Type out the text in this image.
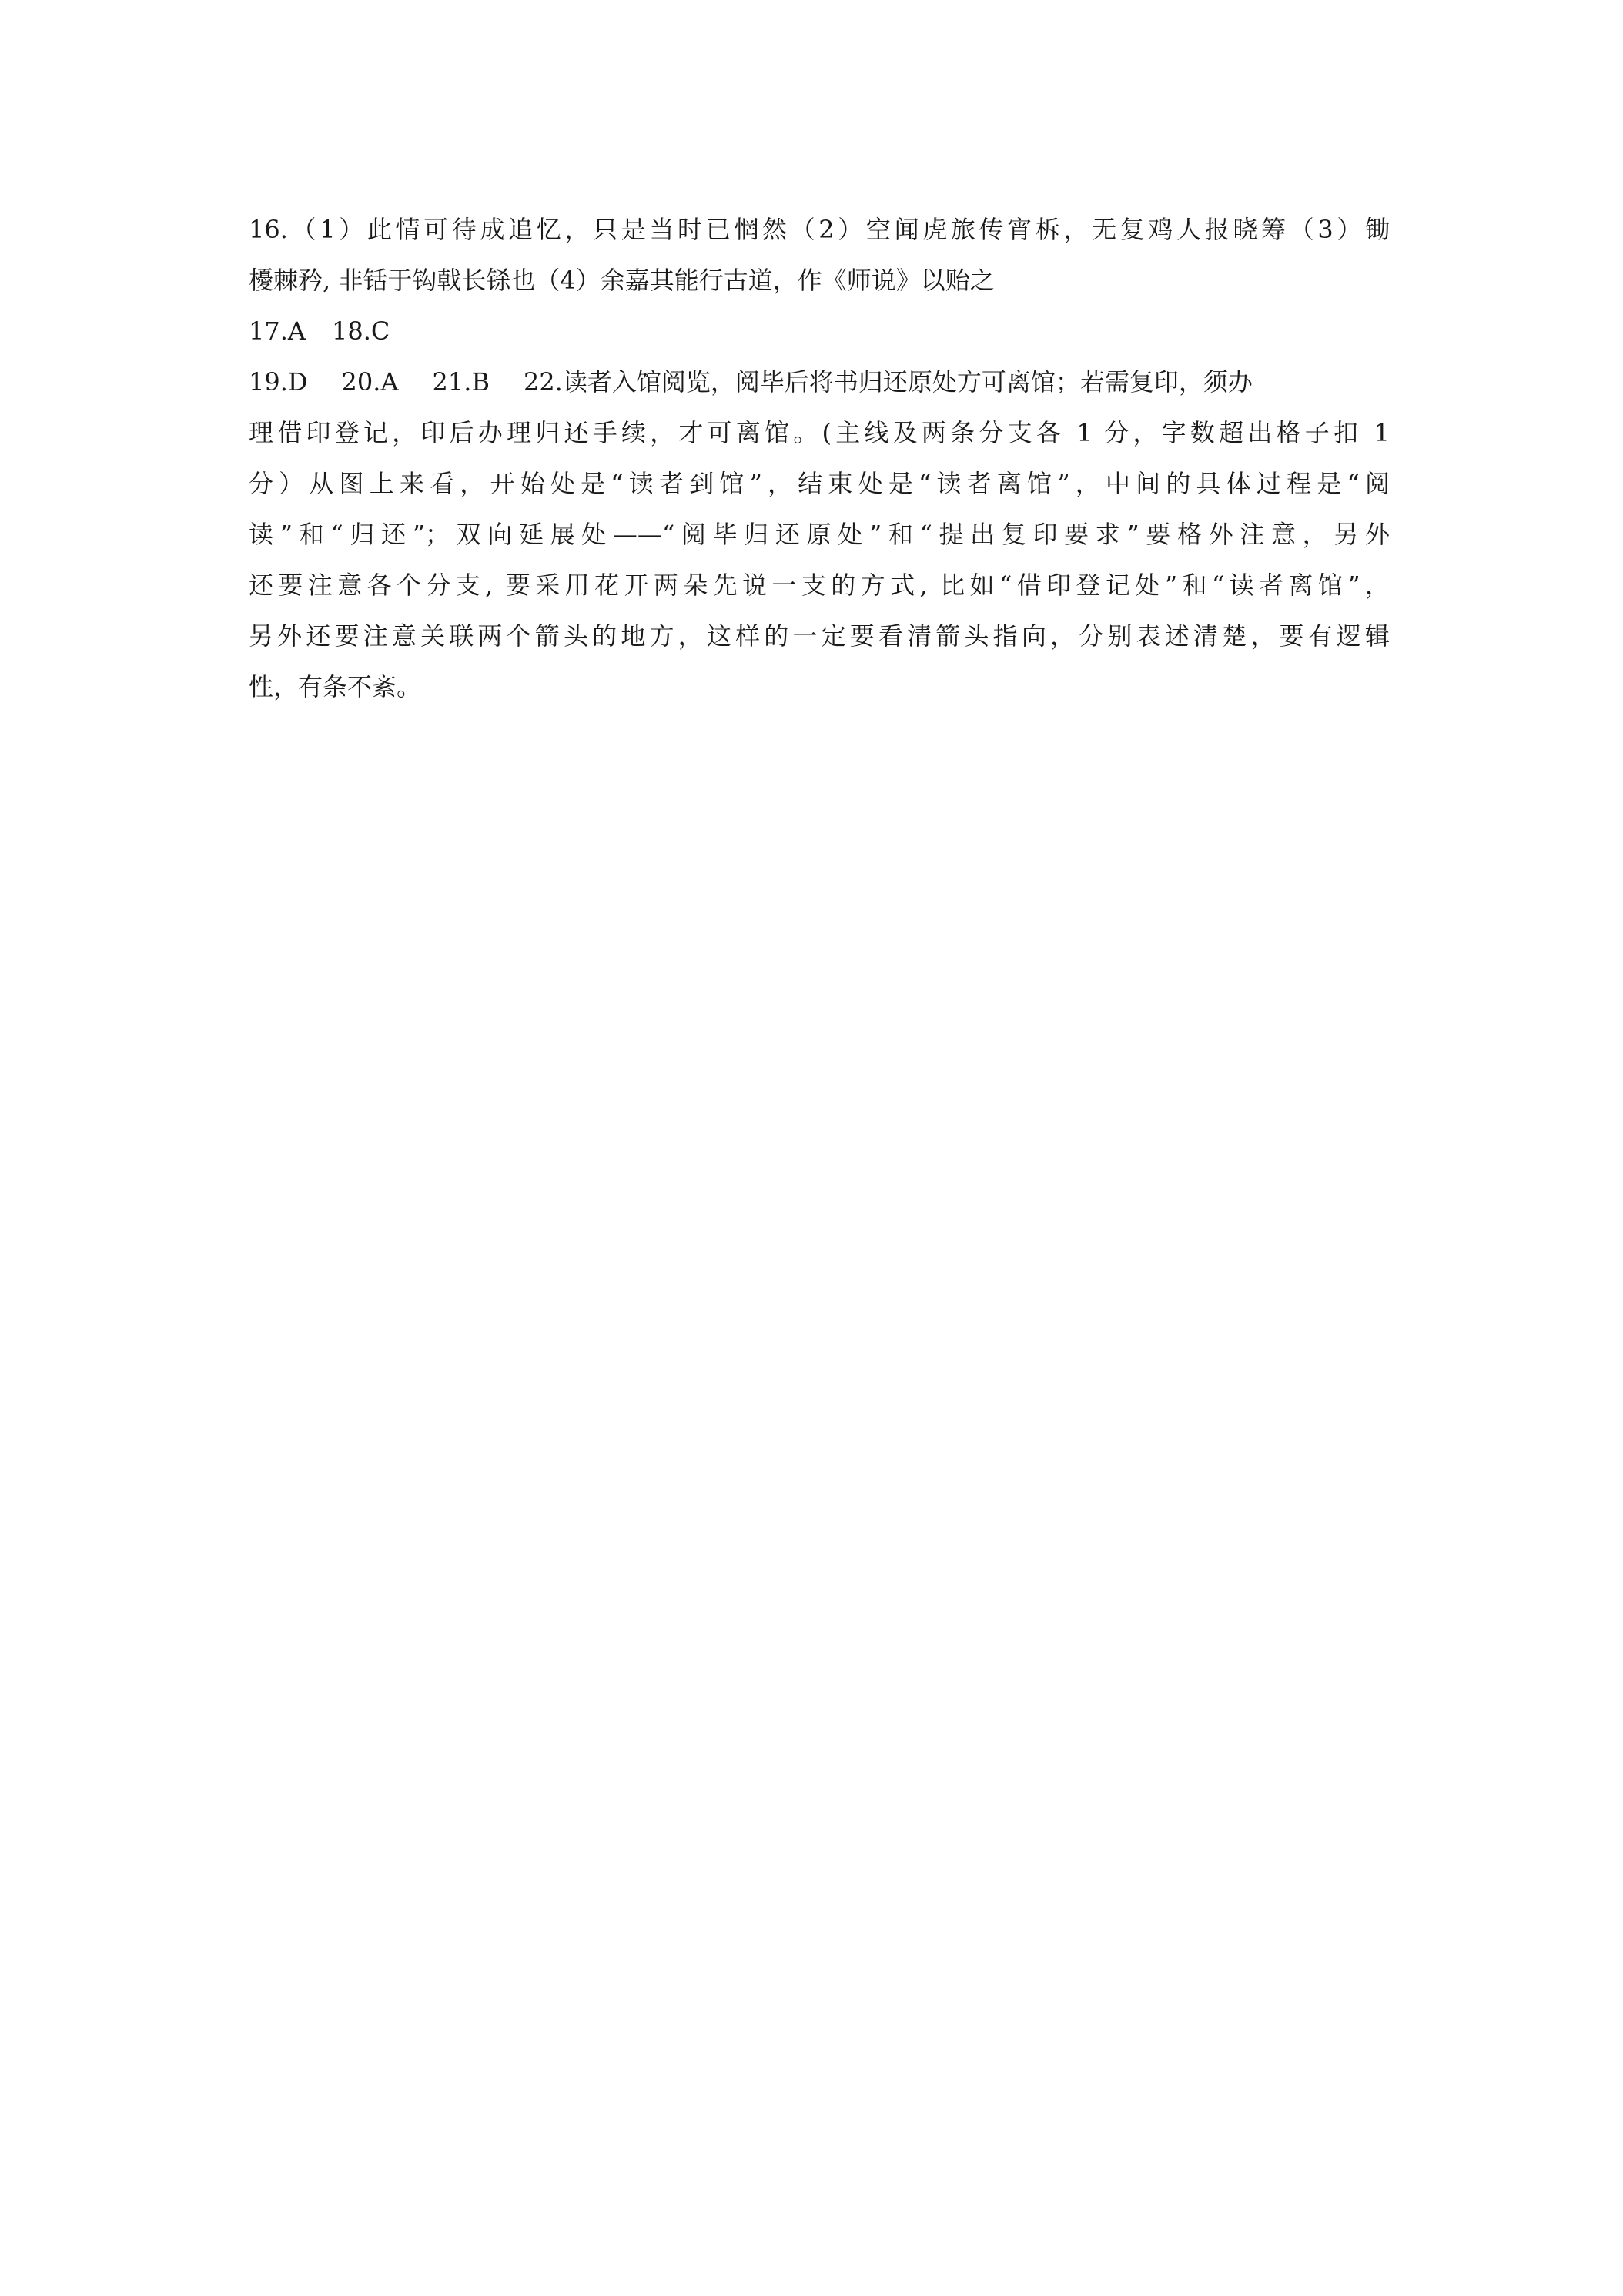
16.（1）此情可待成追忆，只是当时已惘然（2）空闻虎旅传宵柝，无复鸡人报晓筹（3）锄
櫌棘矜, 非铦于钩戟长铩也（4）余嘉其能行古道，作《师说》以贻之
17.A 18.C
19.D 20.A 21.B 22.读者入馆阅览，阅毕后将书归还原处方可离馆；若需复印，须办
理借印登记，印后办理归还手续，才可离馆。(主线及两条分支各 1 分，字数超出格子扣 1
分）从图上来看，开始处是“读者到馆”，结束处是“读者离馆”，中间的具体过程是“阅
读”和“归还”；双向延展处——“阅毕归还原处”和“提出复印要求”要格外注意，另外
还要注意各个分支, 要采用花开两朵先说一支的方式, 比如“借印登记处”和“读者离馆”，
另外还要注意关联两个箭头的地方，这样的一定要看清箭头指向，分别表述清楚，要有逻辑
性，有条不紊。
